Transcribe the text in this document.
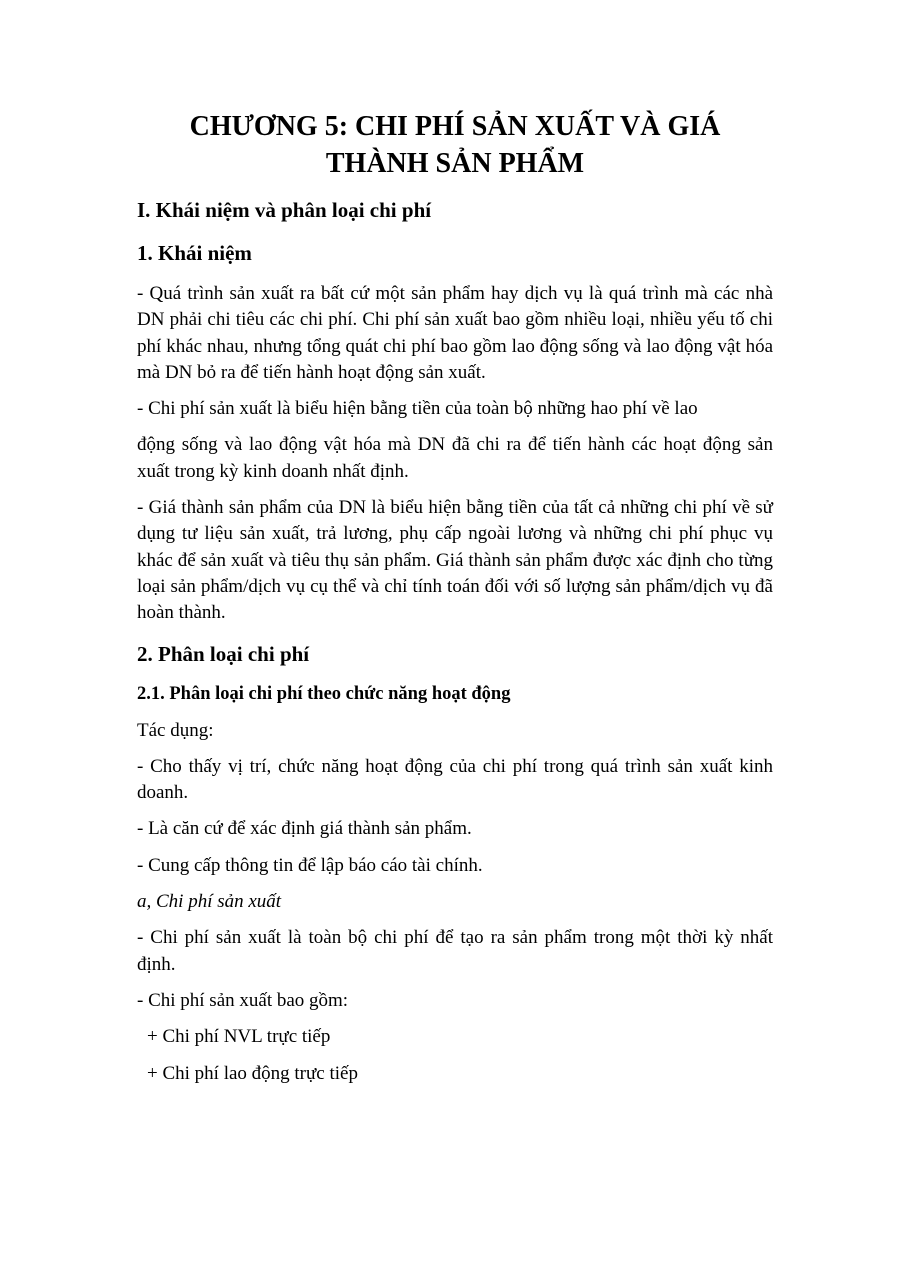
CHƯƠNG 5: CHI PHÍ SẢN XUẤT VÀ GIÁ
THÀNH SẢN PHẨM
I. Khái niệm và phân loại chi phí
1. Khái niệm

- Quá trình sản xuất ra bất cứ một sản phẩm hay dịch vụ là quá trình mà các nhà DN phải chi tiêu các chi phí. Chi phí sản xuất bao gồm nhiều loại, nhiều yếu tố chi phí khác nhau, nhưng tổng quát chi phí bao gồm lao động sống và lao động vật hóa mà DN bỏ ra để tiến hành hoạt động sản xuất.

- Chi phí sản xuất là biểu hiện bằng tiền của toàn bộ những hao phí về lao

động sống và lao động vật hóa mà DN đã chi ra để tiến hành các hoạt động sản xuất trong kỳ kinh doanh nhất định.

- Giá thành sản phẩm của DN là biểu hiện bằng tiền của tất cả những chi phí về sử dụng tư liệu sản xuất, trả lương, phụ cấp ngoài lương và những chi phí phục vụ khác để sản xuất và tiêu thụ sản phẩm. Giá thành sản phẩm được xác định cho từng loại sản phẩm/dịch vụ cụ thể và chỉ tính toán đối với số lượng sản phẩm/dịch vụ đã hoàn thành.

2. Phân loại chi phí
2.1. Phân loại chi phí theo chức năng hoạt động

Tác dụng:

- Cho thấy vị trí, chức năng hoạt động của chi phí trong quá trình sản xuất kinh doanh.

- Là căn cứ để xác định giá thành sản phẩm.

- Cung cấp thông tin để lập báo cáo tài chính.

a, Chi phí sản xuất

- Chi phí sản xuất là toàn bộ chi phí để tạo ra sản phẩm trong một thời kỳ nhất định.

- Chi phí sản xuất bao gồm:

+ Chi phí NVL trực tiếp

+ Chi phí lao động trực tiếp
